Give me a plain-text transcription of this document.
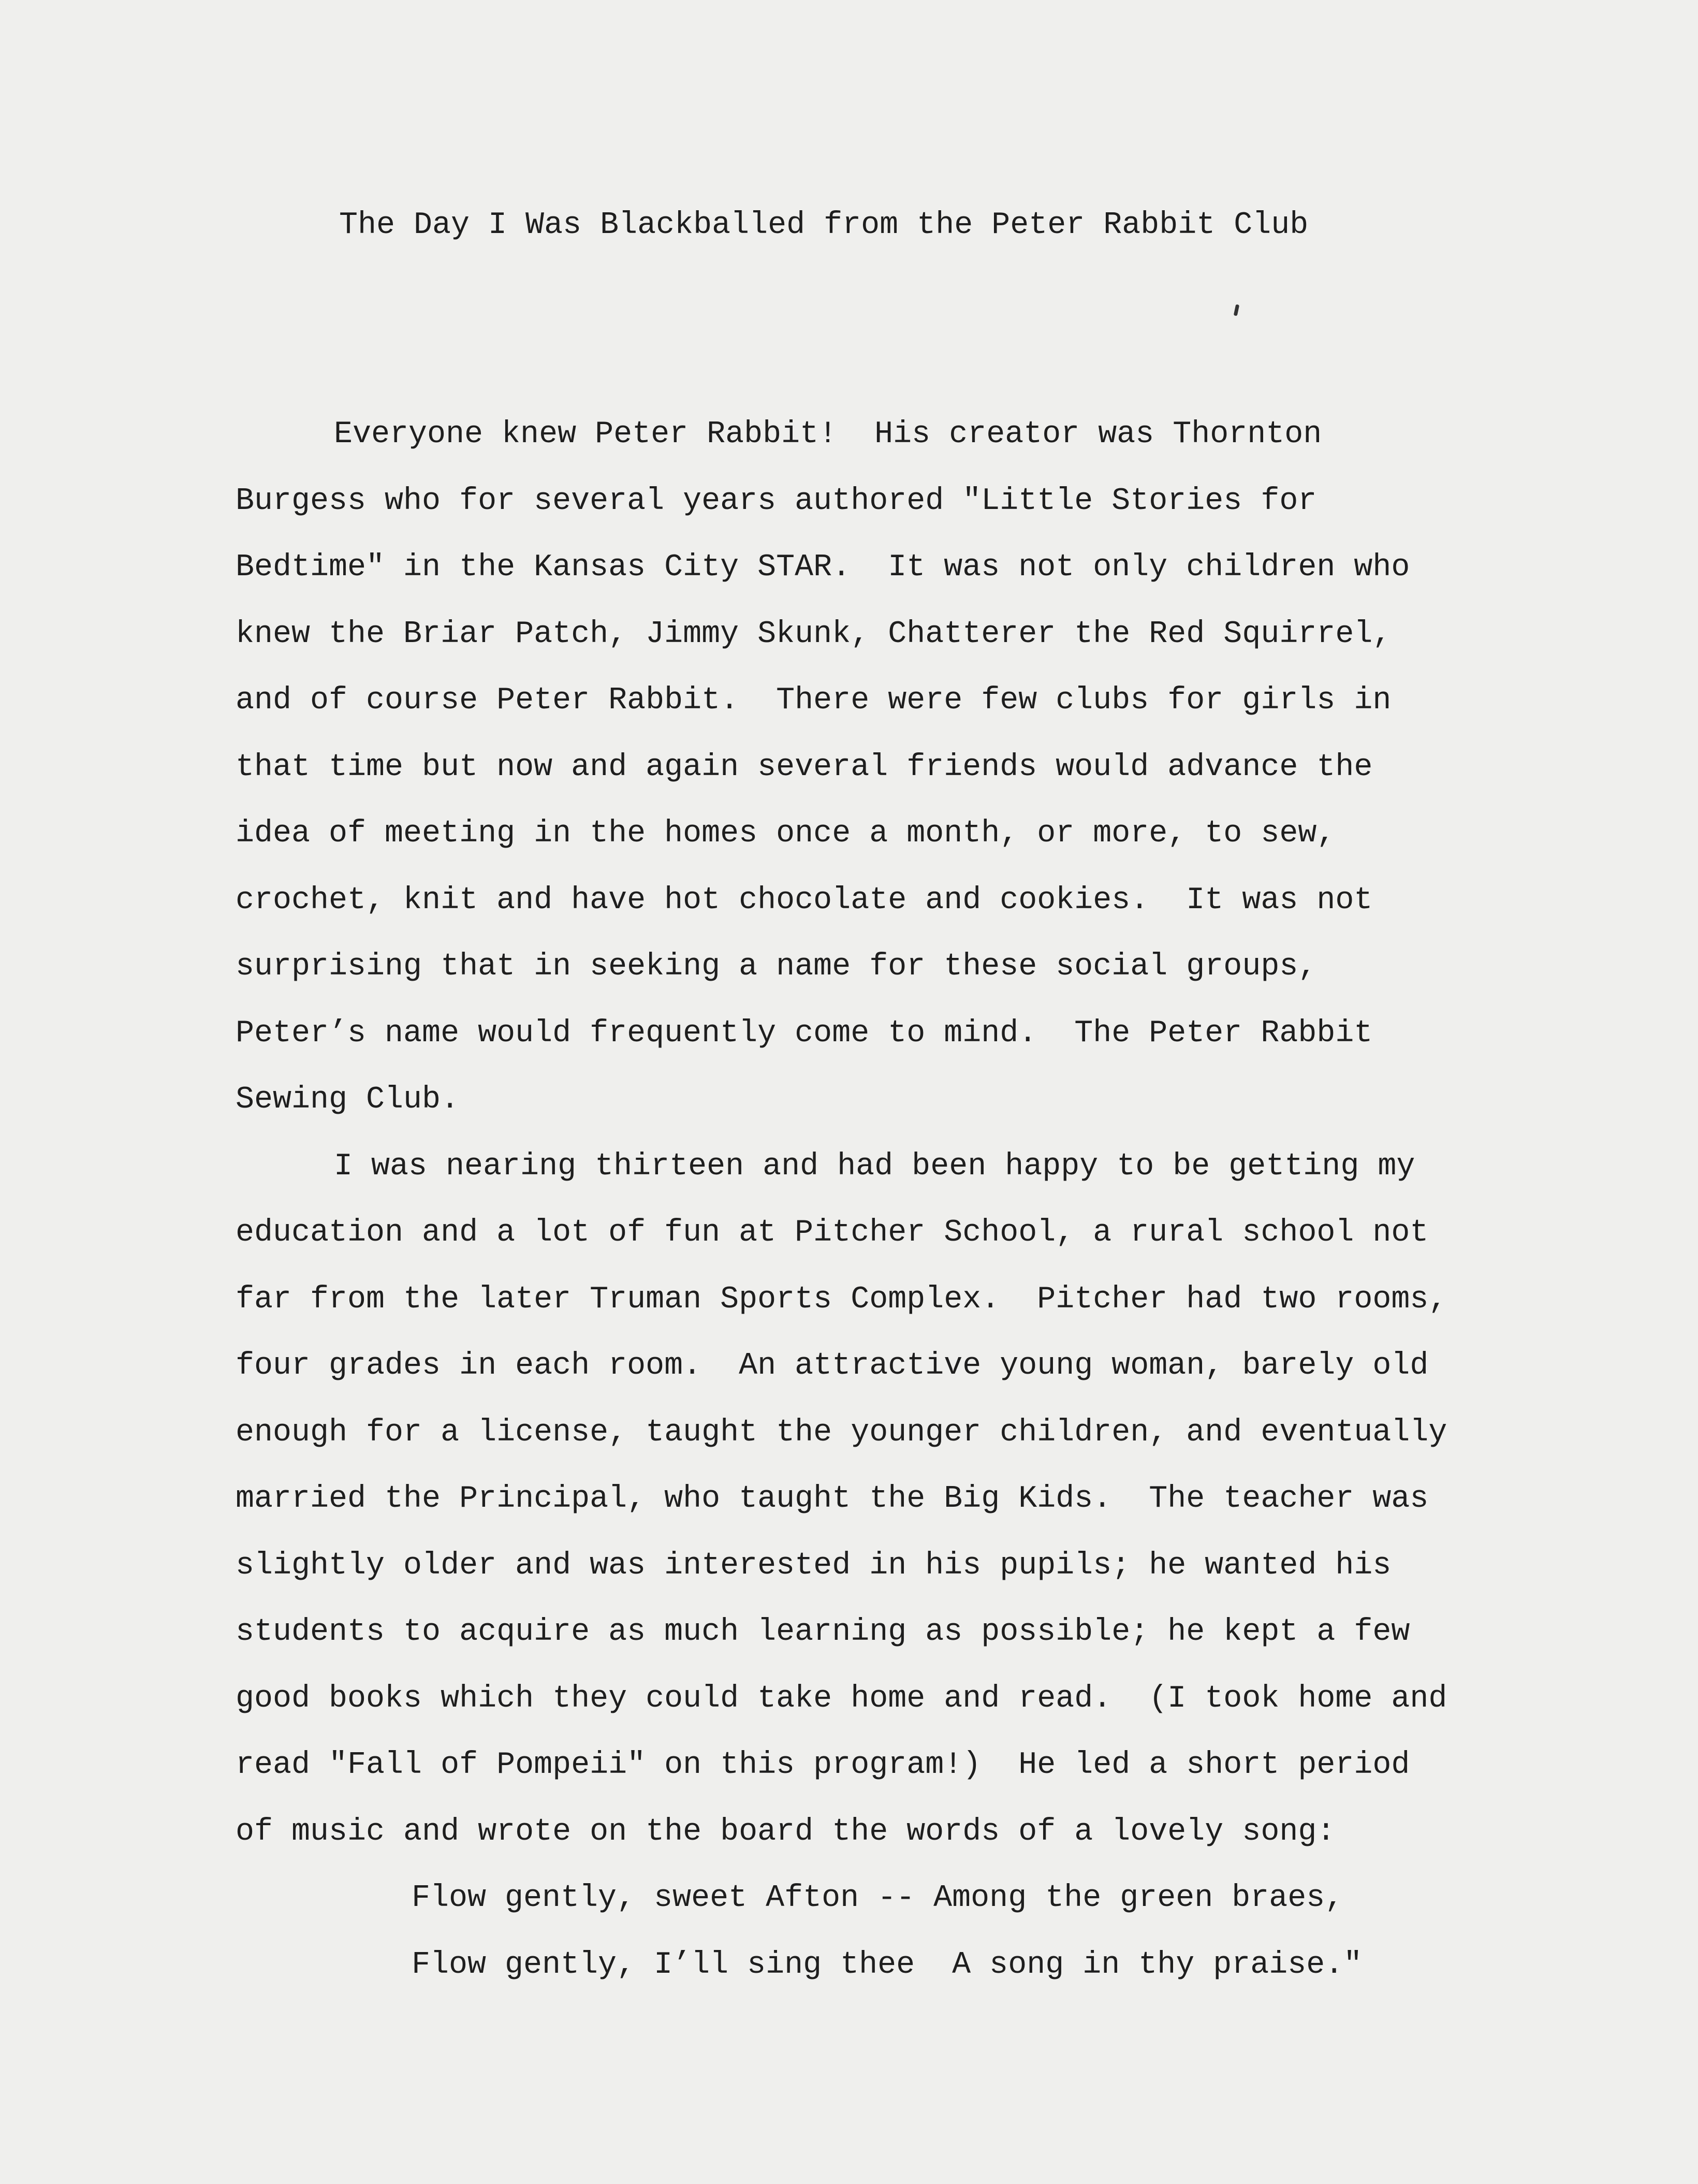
The Day I Was Blackballed from the Peter Rabbit Club
Everyone knew Peter Rabbit!  His creator was Thornton
Burgess who for several years authored "Little Stories for
Bedtime" in the Kansas City STAR.  It was not only children who
knew the Briar Patch, Jimmy Skunk, Chatterer the Red Squirrel,
and of course Peter Rabbit.  There were few clubs for girls in
that time but now and again several friends would advance the
idea of meeting in the homes once a month, or more, to sew,
crochet, knit and have hot chocolate and cookies.  It was not
surprising that in seeking a name for these social groups,
Peter’s name would frequently come to mind.  The Peter Rabbit
Sewing Club.
I was nearing thirteen and had been happy to be getting my
education and a lot of fun at Pitcher School, a rural school not
far from the later Truman Sports Complex.  Pitcher had two rooms,
four grades in each room.  An attractive young woman, barely old
enough for a license, taught the younger children, and eventually
married the Principal, who taught the Big Kids.  The teacher was
slightly older and was interested in his pupils; he wanted his
students to acquire as much learning as possible; he kept a few
good books which they could take home and read.  (I took home and
read "Fall of Pompeii" on this program!)  He led a short period
of music and wrote on the board the words of a lovely song:
Flow gently, sweet Afton -- Among the green braes,
Flow gently, I’ll sing thee  A song in thy praise."
